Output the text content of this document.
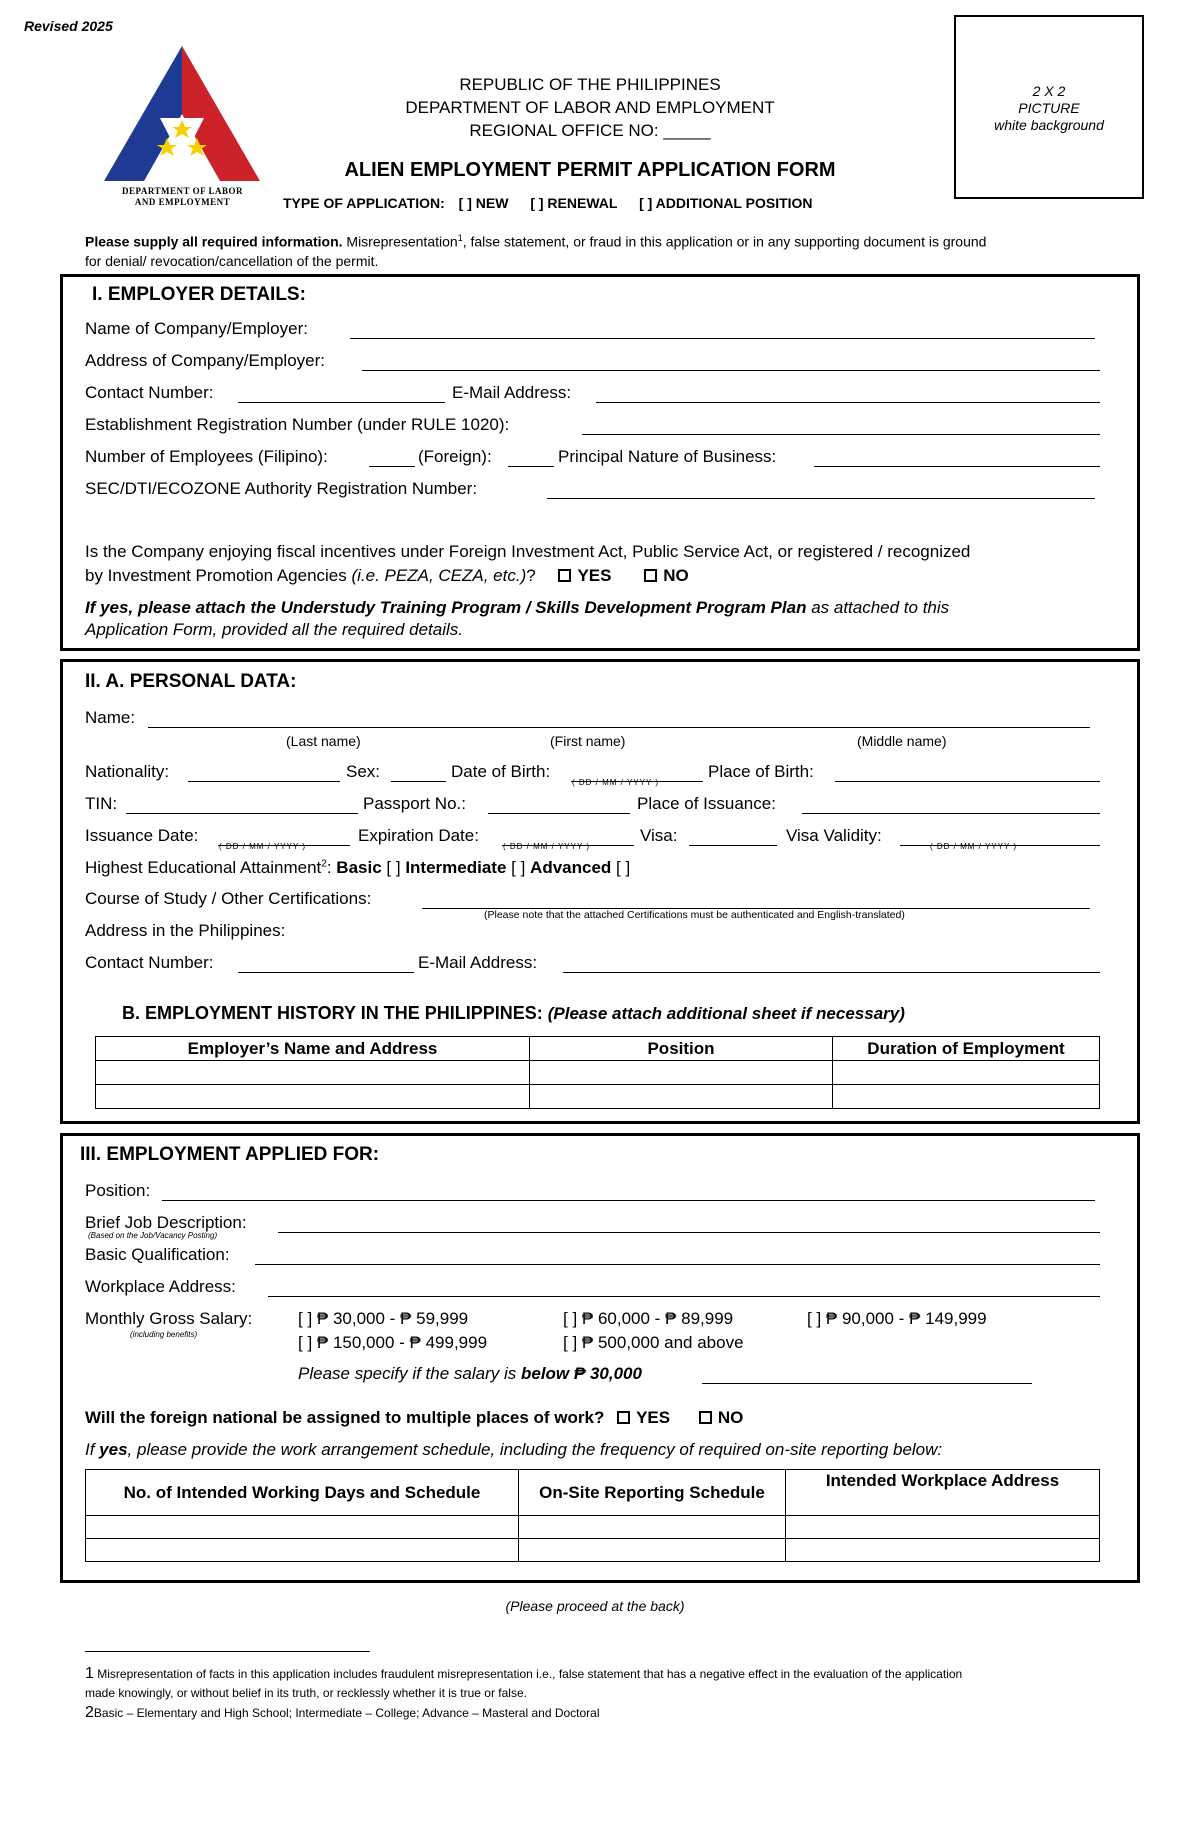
Revised 2025
DEPARTMENT OF LABOR
AND EMPLOYMENT
REPUBLIC OF THE PHILIPPINES
DEPARTMENT OF LABOR AND EMPLOYMENT
REGIONAL OFFICE NO: _____
ALIEN EMPLOYMENT PERMIT APPLICATION FORM
TYPE OF APPLICATION: [ ] NEW [ ] RENEWAL [ ] ADDITIONAL POSITION
2 X 2
PICTURE
white background
Please supply all required information. Misrepresentation$^1$, false statement, or fraud in this application or in any supporting document is ground
for denial/ revocation/cancellation of the permit.
I. EMPLOYER DETAILS:
Name of Company/Employer:
Address of Company/Employer:
Contact Number:	E-Mail Address:
Establishment Registration Number (under RULE 1020):
Number of Employees (Filipino):	(Foreign):	Principal Nature of Business:
SEC/DTI/ECOZONE Authority Registration Number:
Is the Company enjoying fiscal incentives under Foreign Investment Act, Public Service Act, or registered / recognized
by Investment Promotion Agencies (i.e. PEZA, CEZA, etc.)? YES	NO
If yes, please attach the Understudy Training Program / Skills Development Program Plan as attached to this
Application Form, provided all the required details.
II. A. PERSONAL DATA:
Name:
(Last name)	(First name)	(Middle name)
Nationality:	Sex:	Date of Birth:
( DD / MM / YYYY )
Place of Birth:
TIN:	Passport No.:	Place of Issuance:
Issuance Date:
( DD / MM / YYYY )
Expiration Date:
( DD / MM / YYYY )
Visa:	Visa Validity:
( DD / MM / YYYY )
Highest Educational Attainment$^2$: Basic [ ] Intermediate [ ] Advanced [ ]
Course of Study / Other Certifications:
(Please note that the attached Certifications must be authenticated and English-translated)
Address in the Philippines:
Contact Number:	E-Mail Address:
B. EMPLOYMENT HISTORY IN THE PHILIPPINES: (Please attach additional sheet if necessary)
Employer’s Name and Address	Position	Duration of Employment

III. EMPLOYMENT APPLIED FOR:
Position:
Brief Job Description:
(Based on the Job/Vacancy Posting)
Basic Qualification:
Workplace Address:
Monthly Gross Salary:
(including benefits)
[ ] ₱ 30,000 - ₱ 59,999	[ ] ₱ 60,000 - ₱ 89,999	[ ] ₱ 90,000 - ₱ 149,999
[ ] ₱ 150,000 - ₱ 499,999	[ ] ₱ 500,000 and above
Please specify if the salary is below ₱ 30,000
Will the foreign national be assigned to multiple places of work? YES	NO
If yes, please provide the work arrangement schedule, including the frequency of required on-site reporting below:
No. of Intended Working Days and Schedule	On-Site Reporting Schedule	Intended Workplace Address

(Please proceed at the back)
1 Misrepresentation of facts in this application includes fraudulent misrepresentation i.e., false statement that has a negative effect in the evaluation of the application
made knowingly, or without belief in its truth, or recklessly whether it is true or false.
2Basic – Elementary and High School; Intermediate – College; Advance – Masteral and Doctoral
